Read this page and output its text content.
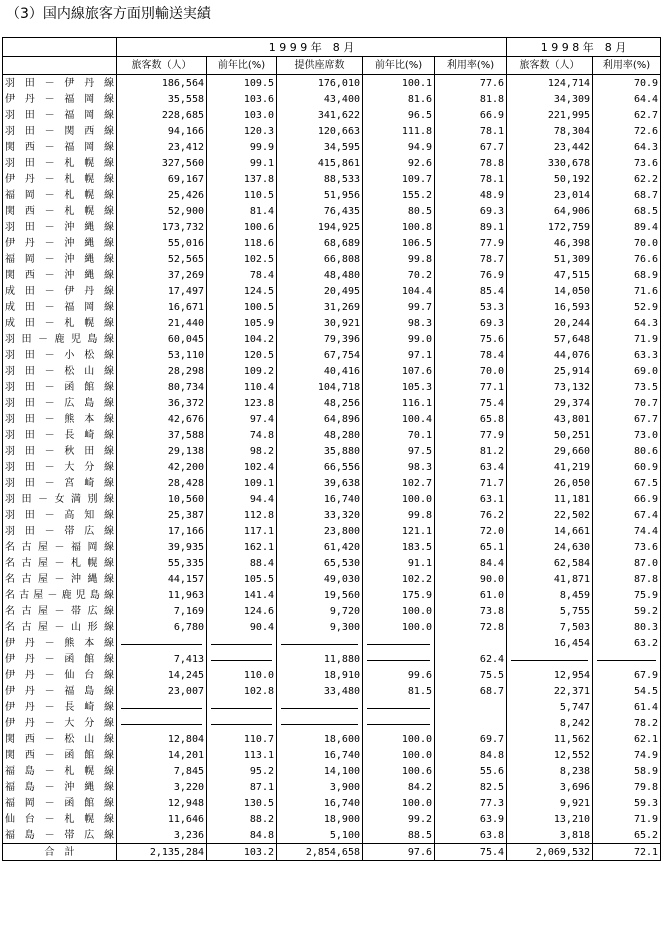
（3）国内線旅客方面別輸送実績
	1 9 9 9 年　8 月					1 9 9 8 年　8 月	
	旅客数（人）	前年比(%)	提供座席数	前年比(%)	利用率(%)	旅客数（人）	利用率(%)
羽田－伊丹線	186,564	109.5	176,010	100.1	77.6	124,714	70.9
伊丹－福岡線	35,558	103.6	43,400	81.6	81.8	34,309	64.4
羽田－福岡線	228,685	103.0	341,622	96.5	66.9	221,995	62.7
羽田－関西線	94,166	120.3	120,663	111.8	78.1	78,304	72.6
関西－福岡線	23,412	99.9	34,595	94.9	67.7	23,442	64.3
羽田－札幌線	327,560	99.1	415,861	92.6	78.8	330,678	73.6
伊丹－札幌線	69,167	137.8	88,533	109.7	78.1	50,192	62.2
福岡－札幌線	25,426	110.5	51,956	155.2	48.9	23,014	68.7
関西－札幌線	52,900	81.4	76,435	80.5	69.3	64,906	68.5
羽田－沖縄線	173,732	100.6	194,925	100.8	89.1	172,759	89.4
伊丹－沖縄線	55,016	118.6	68,689	106.5	77.9	46,398	70.0
福岡－沖縄線	52,565	102.5	66,808	99.8	78.7	51,309	76.6
関西－沖縄線	37,269	78.4	48,480	70.2	76.9	47,515	68.9
成田－伊丹線	17,497	124.5	20,495	104.4	85.4	14,050	71.6
成田－福岡線	16,671	100.5	31,269	99.7	53.3	16,593	52.9
成田－札幌線	21,440	105.9	30,921	98.3	69.3	20,244	64.3
羽田－鹿児島線	60,045	104.2	79,396	99.0	75.6	57,648	71.9
羽田－小松線	53,110	120.5	67,754	97.1	78.4	44,076	63.3
羽田－松山線	28,298	109.2	40,416	107.6	70.0	25,914	69.0
羽田－函館線	80,734	110.4	104,718	105.3	77.1	73,132	73.5
羽田－広島線	36,372	123.8	48,256	116.1	75.4	29,374	70.7
羽田－熊本線	42,676	97.4	64,896	100.4	65.8	43,801	67.7
羽田－長崎線	37,588	74.8	48,280	70.1	77.9	50,251	73.0
羽田－秋田線	29,138	98.2	35,880	97.5	81.2	29,660	80.6
羽田－大分線	42,200	102.4	66,556	98.3	63.4	41,219	60.9
羽田－宮崎線	28,428	109.1	39,638	102.7	71.7	26,050	67.5
羽田－女満別線	10,560	94.4	16,740	100.0	63.1	11,181	66.9
羽田－高知線	25,387	112.8	33,320	99.8	76.2	22,502	67.4
羽田－帯広線	17,166	117.1	23,800	121.1	72.0	14,661	74.4
名古屋－福岡線	39,935	162.1	61,420	183.5	65.1	24,630	73.6
名古屋－札幌線	55,335	88.4	65,530	91.1	84.4	62,584	87.0
名古屋－沖縄線	44,157	105.5	49,030	102.2	90.0	41,871	87.8
名古屋－鹿児島線	11,963	141.4	19,560	175.9	61.0	8,459	75.9
名古屋－帯広線	7,169	124.6	9,720	100.0	73.8	5,755	59.2
名古屋－山形線	6,780	90.4	9,300	100.0	72.8	7,503	80.3
伊丹－熊本線						16,454	63.2
伊丹－函館線	7,413		11,880		62.4	

伊丹－仙台線	14,245	110.0	18,910	99.6	75.5	12,954	67.9
伊丹－福島線	23,007	102.8	33,480	81.5	68.7	22,371	54.5
伊丹－長崎線						5,747	61.4
伊丹－大分線						8,242	78.2
関西－松山線	12,804	110.7	18,600	100.0	69.7	11,562	62.1
関西－函館線	14,201	113.1	16,740	100.0	84.8	12,552	74.9
福島－札幌線	7,845	95.2	14,100	100.6	55.6	8,238	58.9
福島－沖縄線	3,220	87.1	3,900	84.2	82.5	3,696	79.8
福岡－函館線	12,948	130.5	16,740	100.0	77.3	9,921	59.3
仙台－札幌線	11,646	88.2	18,900	99.2	63.9	13,210	71.9
福島－帯広線	3,236	84.8	5,100	88.5	63.8	3,818	65.2
合　計	2,135,284	103.2	2,854,658	97.6	75.4	2,069,532	72.1
